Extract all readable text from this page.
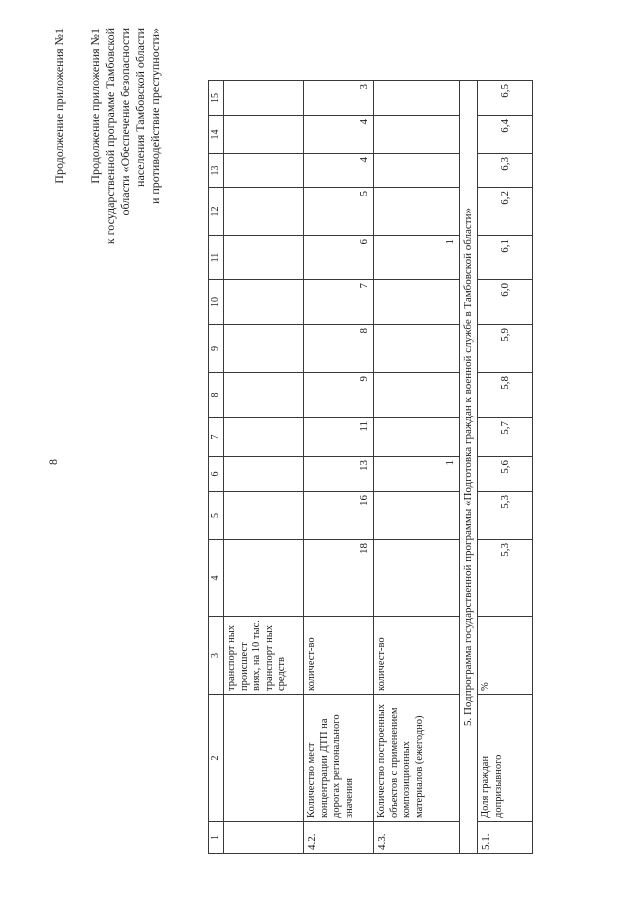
8
Продолжение приложения №1 Продолжение приложения №1 к государственной программе Тамбовской области «Обеспечение безопасности населения Тамбовской области и противодействие преступности»
1	2	3	4	5	6	7	8	9	10	11	12	13	14	15
		транспорт ных происшест виях, на 10 тыс. транспорт ных средств												
4.2.	Количество мест концентрации ДТП на дорогах регионального значения	количест-во	18	16	13	11	9	8	7	6	5	4	4	3
4.3.	Количество построенных объектов с применением композиционных материалов (ежегодно)	количест-во			1					1				
5. Подпрограмма государственной программы «Подготовка граждан к военной службе в Тамбовской области»														
5.1.	Доля граждан допризывного	%	5,3	5,3	5,6	5,7	5,8	5,9	6,0	6,1	6,2	6,3	6,4	6,5
